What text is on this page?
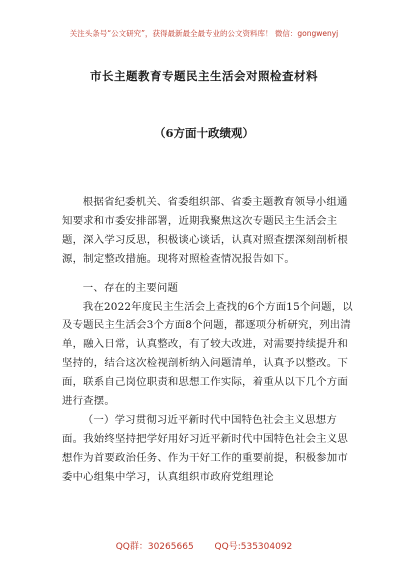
关注头条号“公文研究”，获得最新最全最专业的公文资料库！ 微信：gongwenyj
市长主题教育专题民主生活会对照检查材料
（6方面十政绩观）

根据省纪委机关、省委组织部、省委主题教育领导小组通知要求和市委安排部署，近期我聚焦这次专题民主生活会主题，深入学习反思，积极谈心谈话，认真对照查摆深刻剖析根源，制定整改措施。现将对照检查情况报告如下。

一、存在的主要问题

我在2022年度民主生活会上查找的6个方面15个问题，以及专题民主生活会3个方面8个问题，都逐项分析研究，列出清单，融入日常，认真整改，有了较大改进，对需要持续提升和坚持的，结合这次检视剖析纳入问题清单，认真予以整改。下面，联系自己岗位职责和思想工作实际，着重从以下几个方面进行查摆。

（一）学习贯彻习近平新时代中国特色社会主义思想方面。我始终坚持把学好用好习近平新时代中国特色社会主义思想作为首要政治任务、作为干好工作的重要前提，积极参加市委中心组集中学习，认真组织市政府党组理论

QQ群：30265665 QQ号:535304092
